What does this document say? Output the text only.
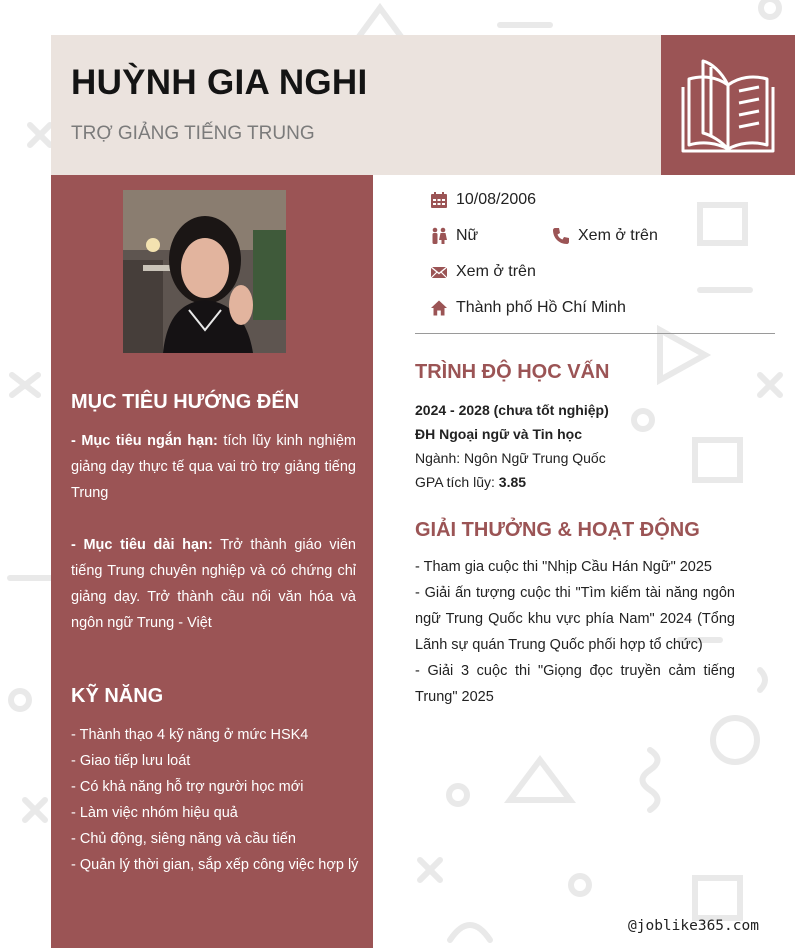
HUỲNH GIA NGHI

TRỢ GIẢNG TIẾNG TRUNG

MỤC TIÊU HƯỚNG ĐẾN

- Mục tiêu ngắn hạn: tích lũy kinh nghiệm giảng dạy thực tế qua vai trò trợ giảng tiếng Trung

- Mục tiêu dài hạn: Trở thành giáo viên tiếng Trung chuyên nghiệp và có chứng chỉ giảng dạy. Trở thành cầu nối văn hóa và ngôn ngữ Trung - Việt

KỸ NĂNG
- Thành thạo 4 kỹ năng ở mức HSK4
- Giao tiếp lưu loát
- Có khả năng hỗ trợ người học mới
- Làm việc nhóm hiệu quả
- Chủ động, siêng năng và cầu tiến
- Quản lý thời gian, sắp xếp công việc hợp lý
10/08/2006
Nữ	Xem ở trên
Xem ở trên
Thành phố Hồ Chí Minh
TRÌNH ĐỘ HỌC VẤN
2024 - 2028 (chưa tốt nghiệp)
ĐH Ngoại ngữ và Tin học
Ngành: Ngôn Ngữ Trung Quốc
GPA tích lũy: 3.85
GIẢI THƯỞNG & HOẠT ĐỘNG
- Tham gia cuộc thi "Nhịp Cầu Hán Ngữ" 2025
- Giải ấn tượng cuộc thi "Tìm kiếm tài năng ngôn ngữ Trung Quốc khu vực phía Nam" 2024 (Tổng Lãnh sự quán Trung Quốc phối hợp tổ chức)
- Giải 3 cuộc thi "Giọng đọc truyền cảm tiếng Trung" 2025
@joblike365.com
